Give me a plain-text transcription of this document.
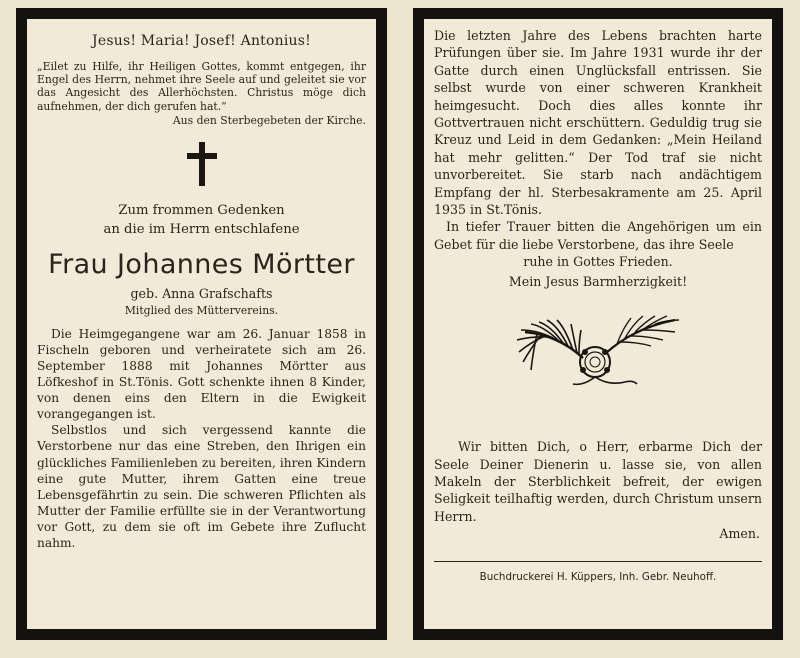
Jesus! Maria! Josef! Antonius!
„Eilet zu Hilfe, ihr Heiligen Gottes, kommt entgegen, ihr Engel des Herrn, nehmet ihre Seele auf und geleitet sie vor das Angesicht des Allerhöchsten. Christus möge dich aufnehmen, der dich gerufen hat.“
Aus den Sterbegebeten der Kirche.
Zum frommen Gedenken
an die im Herrn entschlafene
Frau Johannes Mörtter
geb. Anna Grafschafts
Mitglied des Müttervereins.
Die Heimgegangene war am 26. Januar 1858 in Fischeln geboren und verheiratete sich am 26. September 1888 mit Johannes Mörtter aus Löfkeshof in St.Tönis. Gott schenkte ihnen 8 Kinder, von denen eins den Eltern in die Ewigkeit vorangegangen ist.
Selbstlos und sich vergessend kannte die Verstorbene nur das eine Streben, den Ihrigen ein glückliches Familienleben zu bereiten, ihren Kindern eine gute Mutter, ihrem Gatten eine treue Lebensgefährtin zu sein. Die schweren Pflichten als Mutter der Familie erfüllte sie in der Verantwortung vor Gott, zu dem sie oft im Gebete ihre Zuflucht nahm.
Die letzten Jahre des Lebens brachten harte Prüfungen über sie. Im Jahre 1931 wurde ihr der Gatte durch einen Unglücksfall entrissen. Sie selbst wurde von einer schweren Krankheit heimgesucht. Doch dies alles konnte ihr Gottvertrauen nicht erschüttern. Geduldig trug sie Kreuz und Leid in dem Gedanken: „Mein Heiland hat mehr gelitten.“ Der Tod traf sie nicht unvorbereitet. Sie starb nach andächtigem Empfang der hl. Sterbesakramente am 25. April 1935 in St.Tönis.
In tiefer Trauer bitten die Angehörigen um ein Gebet für die liebe Verstorbene, das ihre Seele
ruhe in Gottes Frieden.
Mein Jesus Barmherzigkeit!
Wir bitten Dich, o Herr, erbarme Dich der Seele Deiner Dienerin u. lasse sie, von allen Makeln der Sterblichkeit befreit, der ewigen Seligkeit teilhaftig werden, durch Christum unsern Herrn.
Amen.
Buchdruckerei H. Küppers, Inh. Gebr. Neuhoff.
